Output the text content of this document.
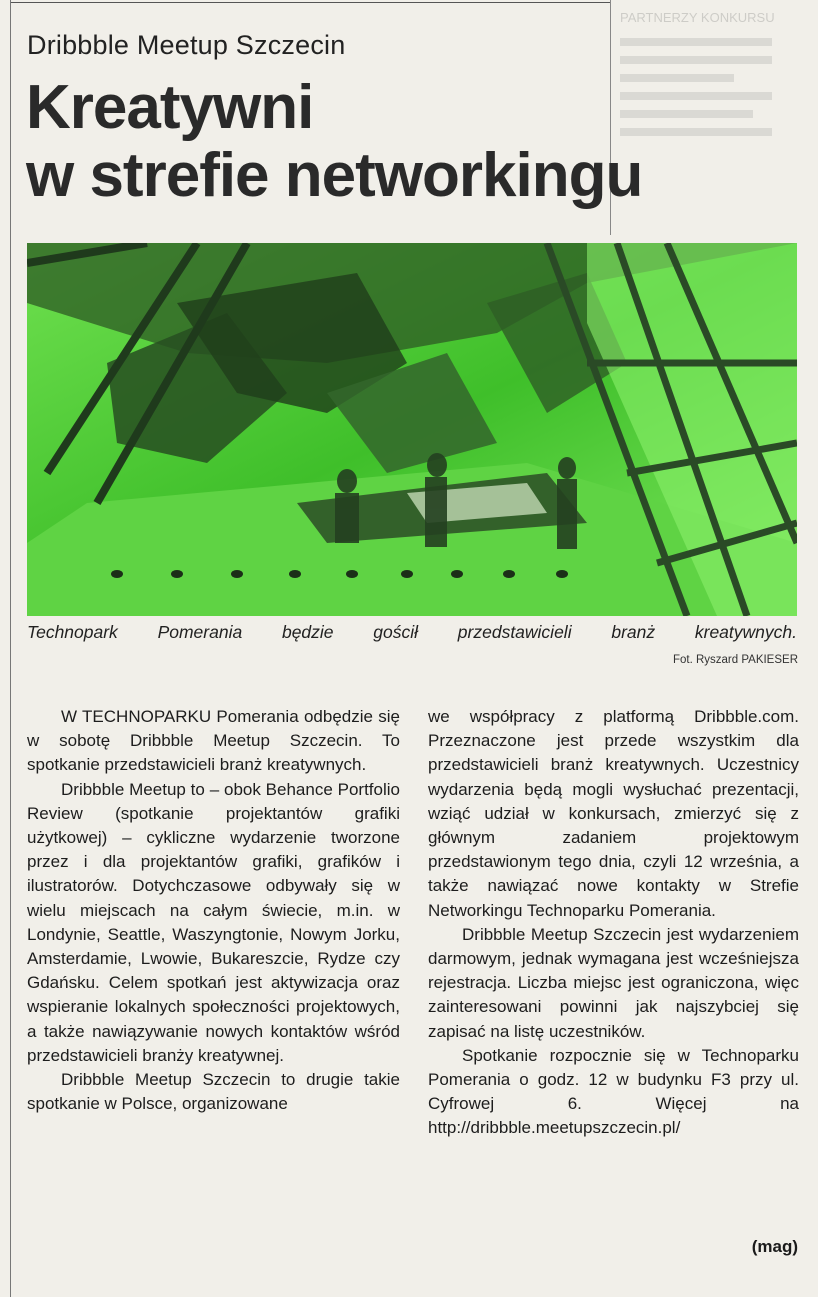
PARTNERZY KONKURSU
Dribbble Meetup Szczecin
Kreatywni
w strefie networkingu
Technopark Pomerania będzie gościł przedstawicieli branż kreatywnych.
Fot. Ryszard PAKIESER

W TECHNOPARKU Pomerania odbędzie się w sobotę Dribbble Meetup Szczecin. To spotkanie przedstawicieli branż kreatywnych.

Dribbble Meetup to – obok Behance Portfolio Review (spotkanie projektantów grafiki użytkowej) – cykliczne wydarzenie tworzone przez i dla projektantów grafiki, grafików i ilustratorów. Dotychczasowe odbywały się w wielu miejscach na całym świecie, m.in. w Londynie, Seattle, Waszyngtonie, Nowym Jorku, Amsterdamie, Lwowie, Bukareszcie, Rydze czy Gdańsku. Celem spotkań jest aktywizacja oraz wspieranie lokalnych społeczności projektowych, a także nawiązywanie nowych kontaktów wśród przedstawicieli branży kreatywnej.

Dribbble Meetup Szczecin to drugie takie spotkanie w Polsce, organizowane

we współpracy z platformą Dribbble.com. Przeznaczone jest przede wszystkim dla przedstawicieli branż kreatywnych. Uczestnicy wydarzenia będą mogli wysłuchać prezentacji, wziąć udział w konkursach, zmierzyć się z głównym zadaniem projektowym przedstawionym tego dnia, czyli 12 września, a także nawiązać nowe kontakty w Strefie Networkingu Technoparku Pomerania.

Dribbble Meetup Szczecin jest wydarzeniem darmowym, jednak wymagana jest wcześniejsza rejestracja. Liczba miejsc jest ograniczona, więc zainteresowani powinni jak najszybciej się zapisać na listę uczestników.

Spotkanie rozpocznie się w Technoparku Pomerania o godz. 12 w budynku F3 przy ul. Cyfrowej 6. Więcej na http://dribbble.meetupszczecin.pl/

(mag)
